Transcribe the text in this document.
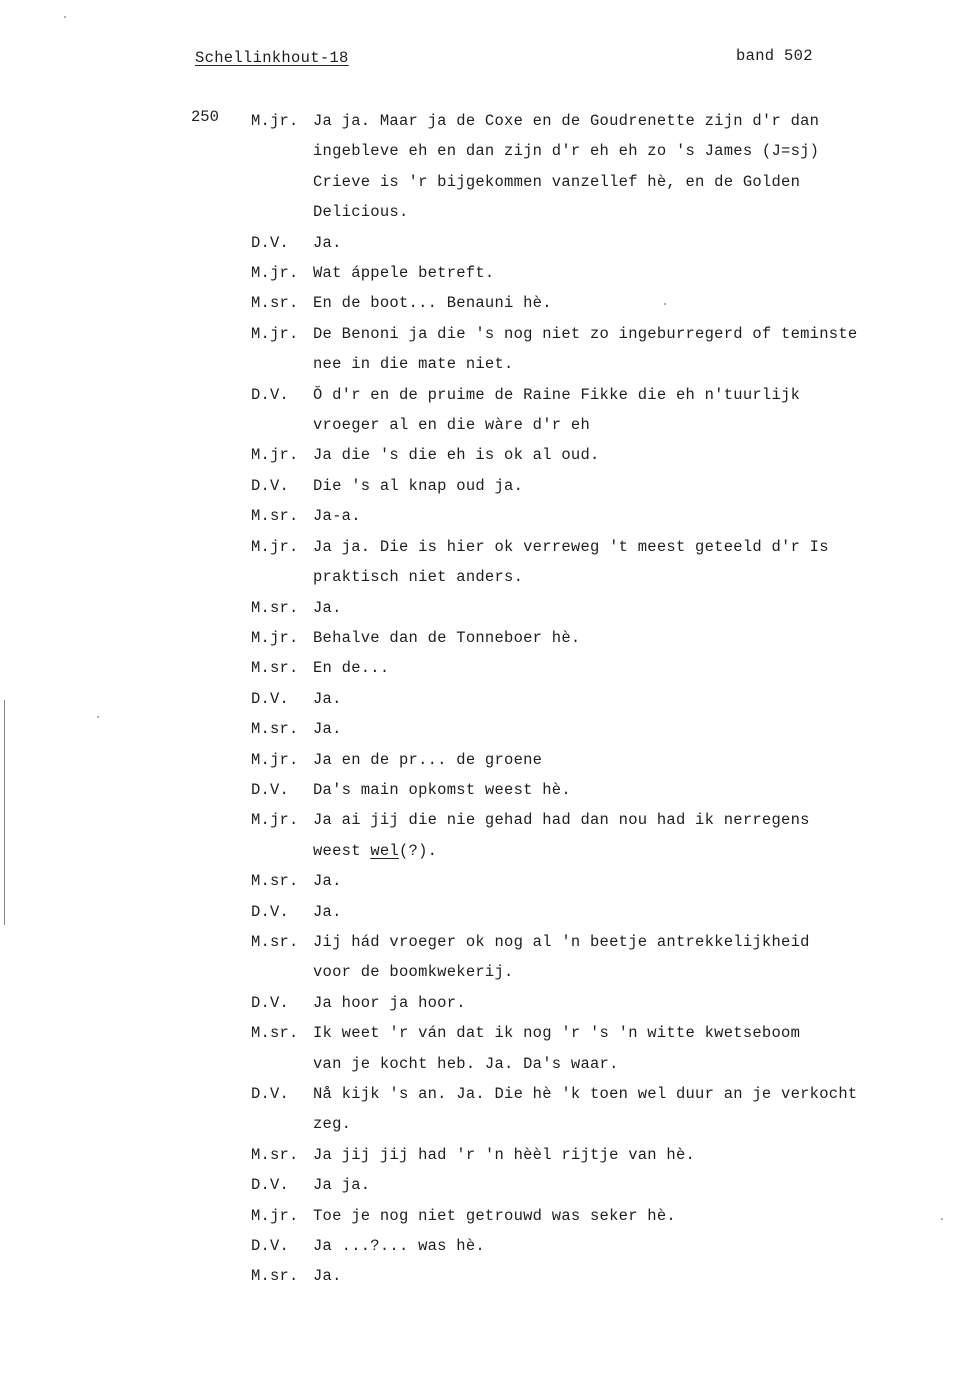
Schellinkhout-18	band 502
250 M.jr. Ja ja. Maar ja de Coxe en de Goudrenette zijn d'r dan
ingebleve eh en dan zijn d'r eh eh zo 's James (J=sj)
Crieve is 'r bijgekommen vanzellef hè, en de Golden
Delicious.
D.V.	Ja.
M.jr. Wat áppele betreft.
M.sr. En de boot... Benauni hè.
M.jr. De Benoni ja die 's nog niet zo ingeburregerd of teminste
nee in die mate niet.
D.V.	Ŏ d'r en de pruime de Raine Fikke die eh n'tuurlijk
vroeger al en die wàre d'r eh
M.jr. Ja die 's die eh is ok al oud.
D.V.	Die 's al knap oud ja.
M.sr. Ja-a.
M.jr. Ja ja. Die is hier ok verreweg 't meest geteeld d'r Is
praktisch niet anders.
M.sr. Ja.
M.jr. Behalve dan de Tonneboer hè.
M.sr. En de...
D.V.	Ja.
M.sr. Ja.
M.jr. Ja en de pr... de groene
D.V.	Da's main opkomst weest hè.
M.jr. Ja ai jij die nie gehad had dan nou had ik nerregens
weest wel(?).
M.sr. Ja.
D.V.	Ja.
M.sr. Jij hád vroeger ok nog al 'n beetje antrekkelijkheid
voor de boomkwekerij.
D.V.	Ja hoor ja hoor.
M.sr. Ik weet 'r ván dat ik nog 'r 's 'n witte kwetseboom
van je kocht heb. Ja. Da's waar.
D.V.	Nå kijk 's an. Ja. Die hè 'k toen wel duur an je verkocht
zeg.
M.sr. Ja jij jij had 'r 'n hèèl rijtje van hè.
D.V.	Ja ja.
M.jr. Toe je nog niet getrouwd was seker hè.
D.V.	Ja ...?... was hè.
M.sr. Ja.
